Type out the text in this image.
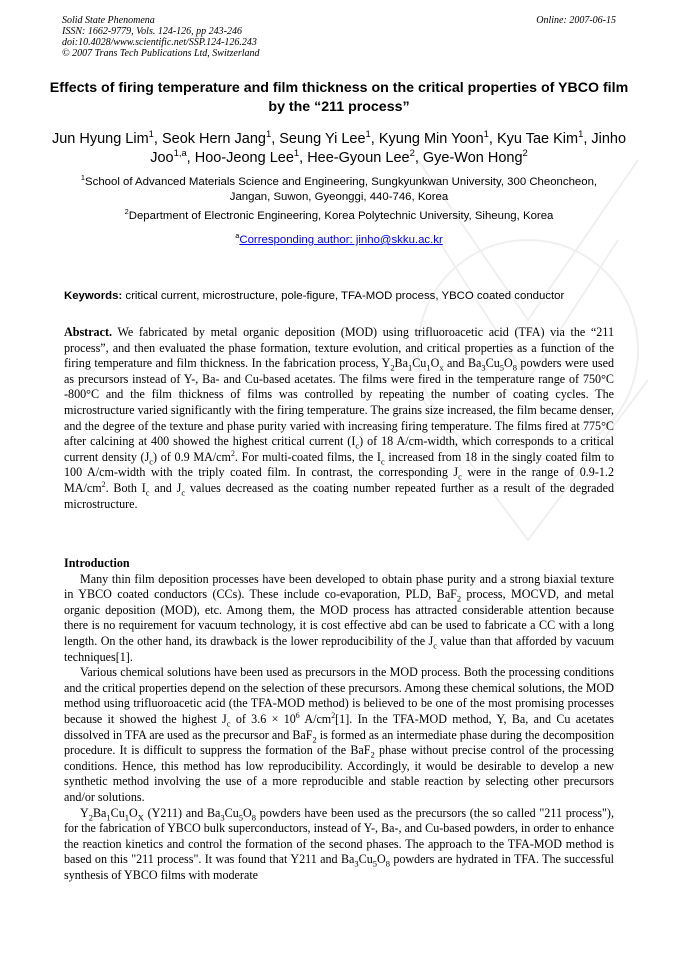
Solid State Phenomena
ISSN: 1662-9779, Vols. 124-126, pp 243-246
doi:10.4028/www.scientific.net/SSP.124-126.243
© 2007 Trans Tech Publications Ltd, Switzerland
Online: 2007-06-15
Effects of firing temperature and film thickness on the critical properties of YBCO film by the “211 process”
Jun Hyung Lim$^1$, Seok Hern Jang$^1$, Seung Yi Lee$^1$, Kyung Min Yoon$^1$, Kyu Tae Kim$^1$, Jinho Joo$^{1,a}$, Hoo-Jeong Lee$^1$, Hee-Gyoun Lee$^2$, Gye-Won Hong$^2$
$^1$School of Advanced Materials Science and Engineering, Sungkyunkwan University, 300 Cheoncheon, Jangan, Suwon, Gyeonggi, 440-746, Korea
$^2$Department of Electronic Engineering, Korea Polytechnic University, Siheung, Korea
$^a$Corresponding author: jinho@skku.ac.kr
Keywords: critical current, microstructure, pole-figure, TFA-MOD process, YBCO coated conductor

Abstract. We fabricated by metal organic deposition (MOD) using trifluoroacetic acid (TFA) via the “211 process”, and then evaluated the phase formation, texture evolution, and critical properties as a function of the firing temperature and film thickness. In the fabrication process, $Y_2Ba_1Cu_1O_x$ and $Ba_3Cu_5O_8$ powders were used as precursors instead of Y-, Ba- and Cu-based acetates. The films were fired in the temperature range of 750°C -800°C and the film thickness of films was controlled by repeating the number of coating cycles. The microstructure varied significantly with the firing temperature. The grains size increased, the film became denser, and the degree of the texture and phase purity varied with increasing firing temperature. The films fired at 775°C after calcining at 400 showed the highest critical current $(I_c)$ of 18 A/cm-width, which corresponds to a critical current density $(J_c)$ of 0.9 $MA/cm^2$. For multi-coated films, the $I_c$ increased from 18 in the singly coated film to 100 A/cm-width with the triply coated film. In contrast, the corresponding $J_c$ were in the range of 0.9-1.2 $MA/cm^2$. Both $I_c$ and $J_c$ values decreased as the coating number repeated further as a result of the degraded microstructure.

Introduction

Many thin film deposition processes have been developed to obtain phase purity and a strong biaxial texture in YBCO coated conductors (CCs). These include co-evaporation, PLD, BaF$_2$ process, MOCVD, and metal organic deposition (MOD), etc. Among them, the MOD process has attracted considerable attention because there is no requirement for vacuum technology, it is cost effective abd can be used to fabricate a CC with a long length. On the other hand, its drawback is the lower reproducibility of the $J_c$ value than that afforded by vacuum techniques[1].

Various chemical solutions have been used as precursors in the MOD process. Both the processing conditions and the critical properties depend on the selection of these precursors. Among these chemical solutions, the MOD method using trifluoroacetic acid (the TFA-MOD method) is believed to be one of the most promising processes because it showed the highest $J_c$ of $3.6 \times 10^6$ $A/cm^2[1]$. In the TFA-MOD method, Y, Ba, and Cu acetates dissolved in TFA are used as the precursor and BaF$_2$ is formed as an intermediate phase during the decomposition procedure. It is difficult to suppress the formation of the BaF$_2$ phase without precise control of the processing conditions. Hence, this method has low reproducibility. Accordingly, it would be desirable to develop a new synthetic method involving the use of a more reproducible and stable reaction by selecting other precursors and/or solutions.

$Y_2Ba_1Cu_1O_X$ (Y211) and $Ba_3Cu_5O_8$ powders have been used as the precursors (the so called "211 process"), for the fabrication of YBCO bulk superconductors, instead of Y-, Ba-, and Cu-based powders, in order to enhance the reaction kinetics and control the formation of the second phases. The approach to the TFA-MOD method is based on this "211 process". It was found that Y211 and $Ba_3Cu_5O_8$ powders are hydrated in TFA. The successful synthesis of YBCO films with moderate
